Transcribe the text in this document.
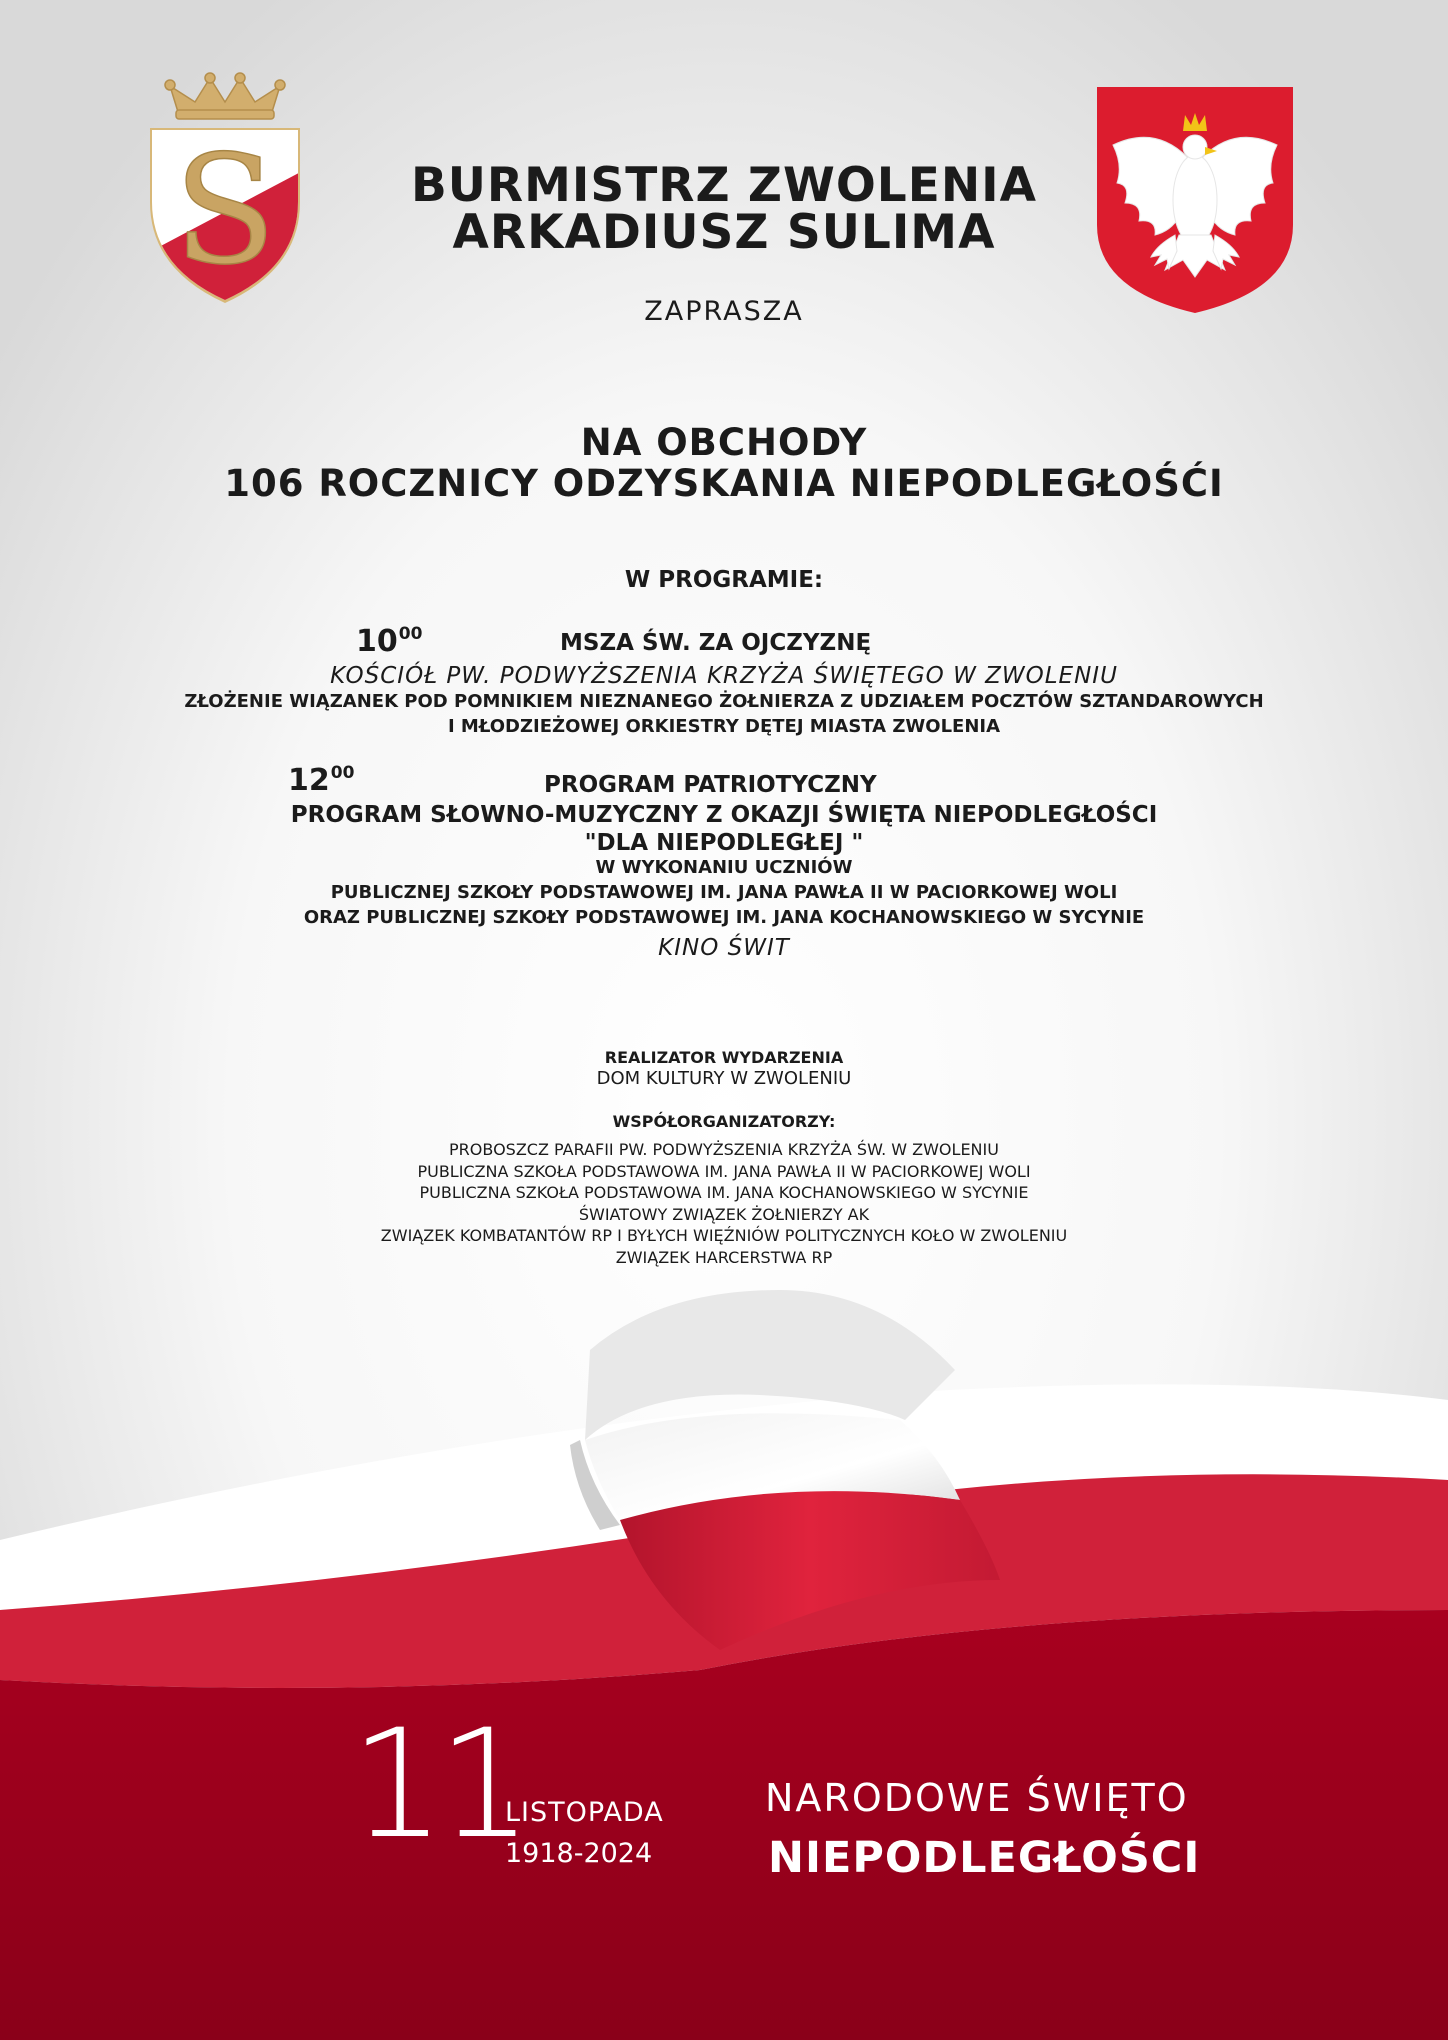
S	BURMISTRZ ZWOLENIA
ARKADIUSZ SULIMA
ZAPRASZA
NA OBCHODY
106 ROCZNICY ODZYSKANIA NIEPODLEGŁOŚĆI
W PROGRAMIE:
$10^{00}$	MSZA ŚW. ZA OJCZYZNĘ
KOŚCIÓŁ PW. PODWYŻSZENIA KRZYŻA ŚWIĘTEGO W ZWOLENIU
ZŁOŻENIE WIĄZANEK POD POMNIKIEM NIEZNANEGO ŻOŁNIERZA Z UDZIAŁEM POCZTÓW SZTANDAROWYCH
I MŁODZIEŻOWEJ ORKIESTRY DĘTEJ MIASTA ZWOLENIA
$12^{00}$	PROGRAM PATRIOTYCZNY
PROGRAM SŁOWNO-MUZYCZNY Z OKAZJI ŚWIĘTA NIEPODLEGŁOŚCI
"DLA NIEPODLEGŁEJ "
W WYKONANIU UCZNIÓW
PUBLICZNEJ SZKOŁY PODSTAWOWEJ IM. JANA PAWŁA II W PACIORKOWEJ WOLI
ORAZ PUBLICZNEJ SZKOŁY PODSTAWOWEJ IM. JANA KOCHANOWSKIEGO W SYCYNIE
KINO ŚWIT
REALIZATOR WYDARZENIA
DOM KULTURY W ZWOLENIU
WSPÓŁORGANIZATORZY:
PROBOSZCZ PARAFII PW. PODWYŻSZENIA KRZYŻA ŚW. W ZWOLENIU
PUBLICZNA SZKOŁA PODSTAWOWA IM. JANA PAWŁA II W PACIORKOWEJ WOLI
PUBLICZNA SZKOŁA PODSTAWOWA IM. JANA KOCHANOWSKIEGO W SYCYNIE
ŚWIATOWY ZWIĄZEK ŻOŁNIERZY AK
ZWIĄZEK KOMBATANTÓW RP I BYŁYCH WIĘŹNIÓW POLITYCZNYCH KOŁO W ZWOLENIU
ZWIĄZEK HARCERSTWA RP
11
LISTOPADA
1918-2024
NARODOWE ŚWIĘTO
NIEPODLEGŁOŚCI
